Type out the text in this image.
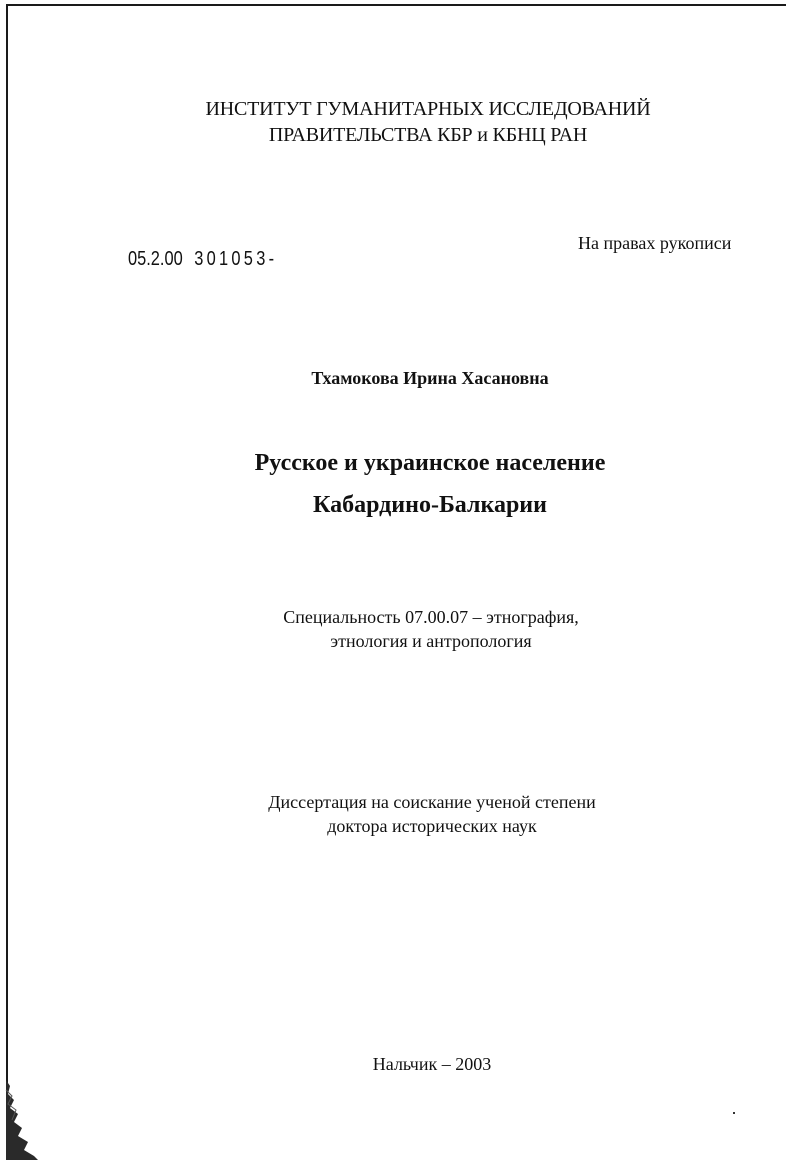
ИНСТИТУТ ГУМАНИТАРНЫХ ИССЛЕДОВАНИЙ
ПРАВИТЕЛЬСТВА КБР и КБНЦ РАН
На правах рукописи
05.2.00 301053-
Тхамокова Ирина Хасановна
Русское и украинское население
Кабардино-Балкарии
Специальность 07.00.07 – этнография,
этнология и антропология
Диссертация на соискание ученой степени
доктора исторических наук
Нальчик – 2003
